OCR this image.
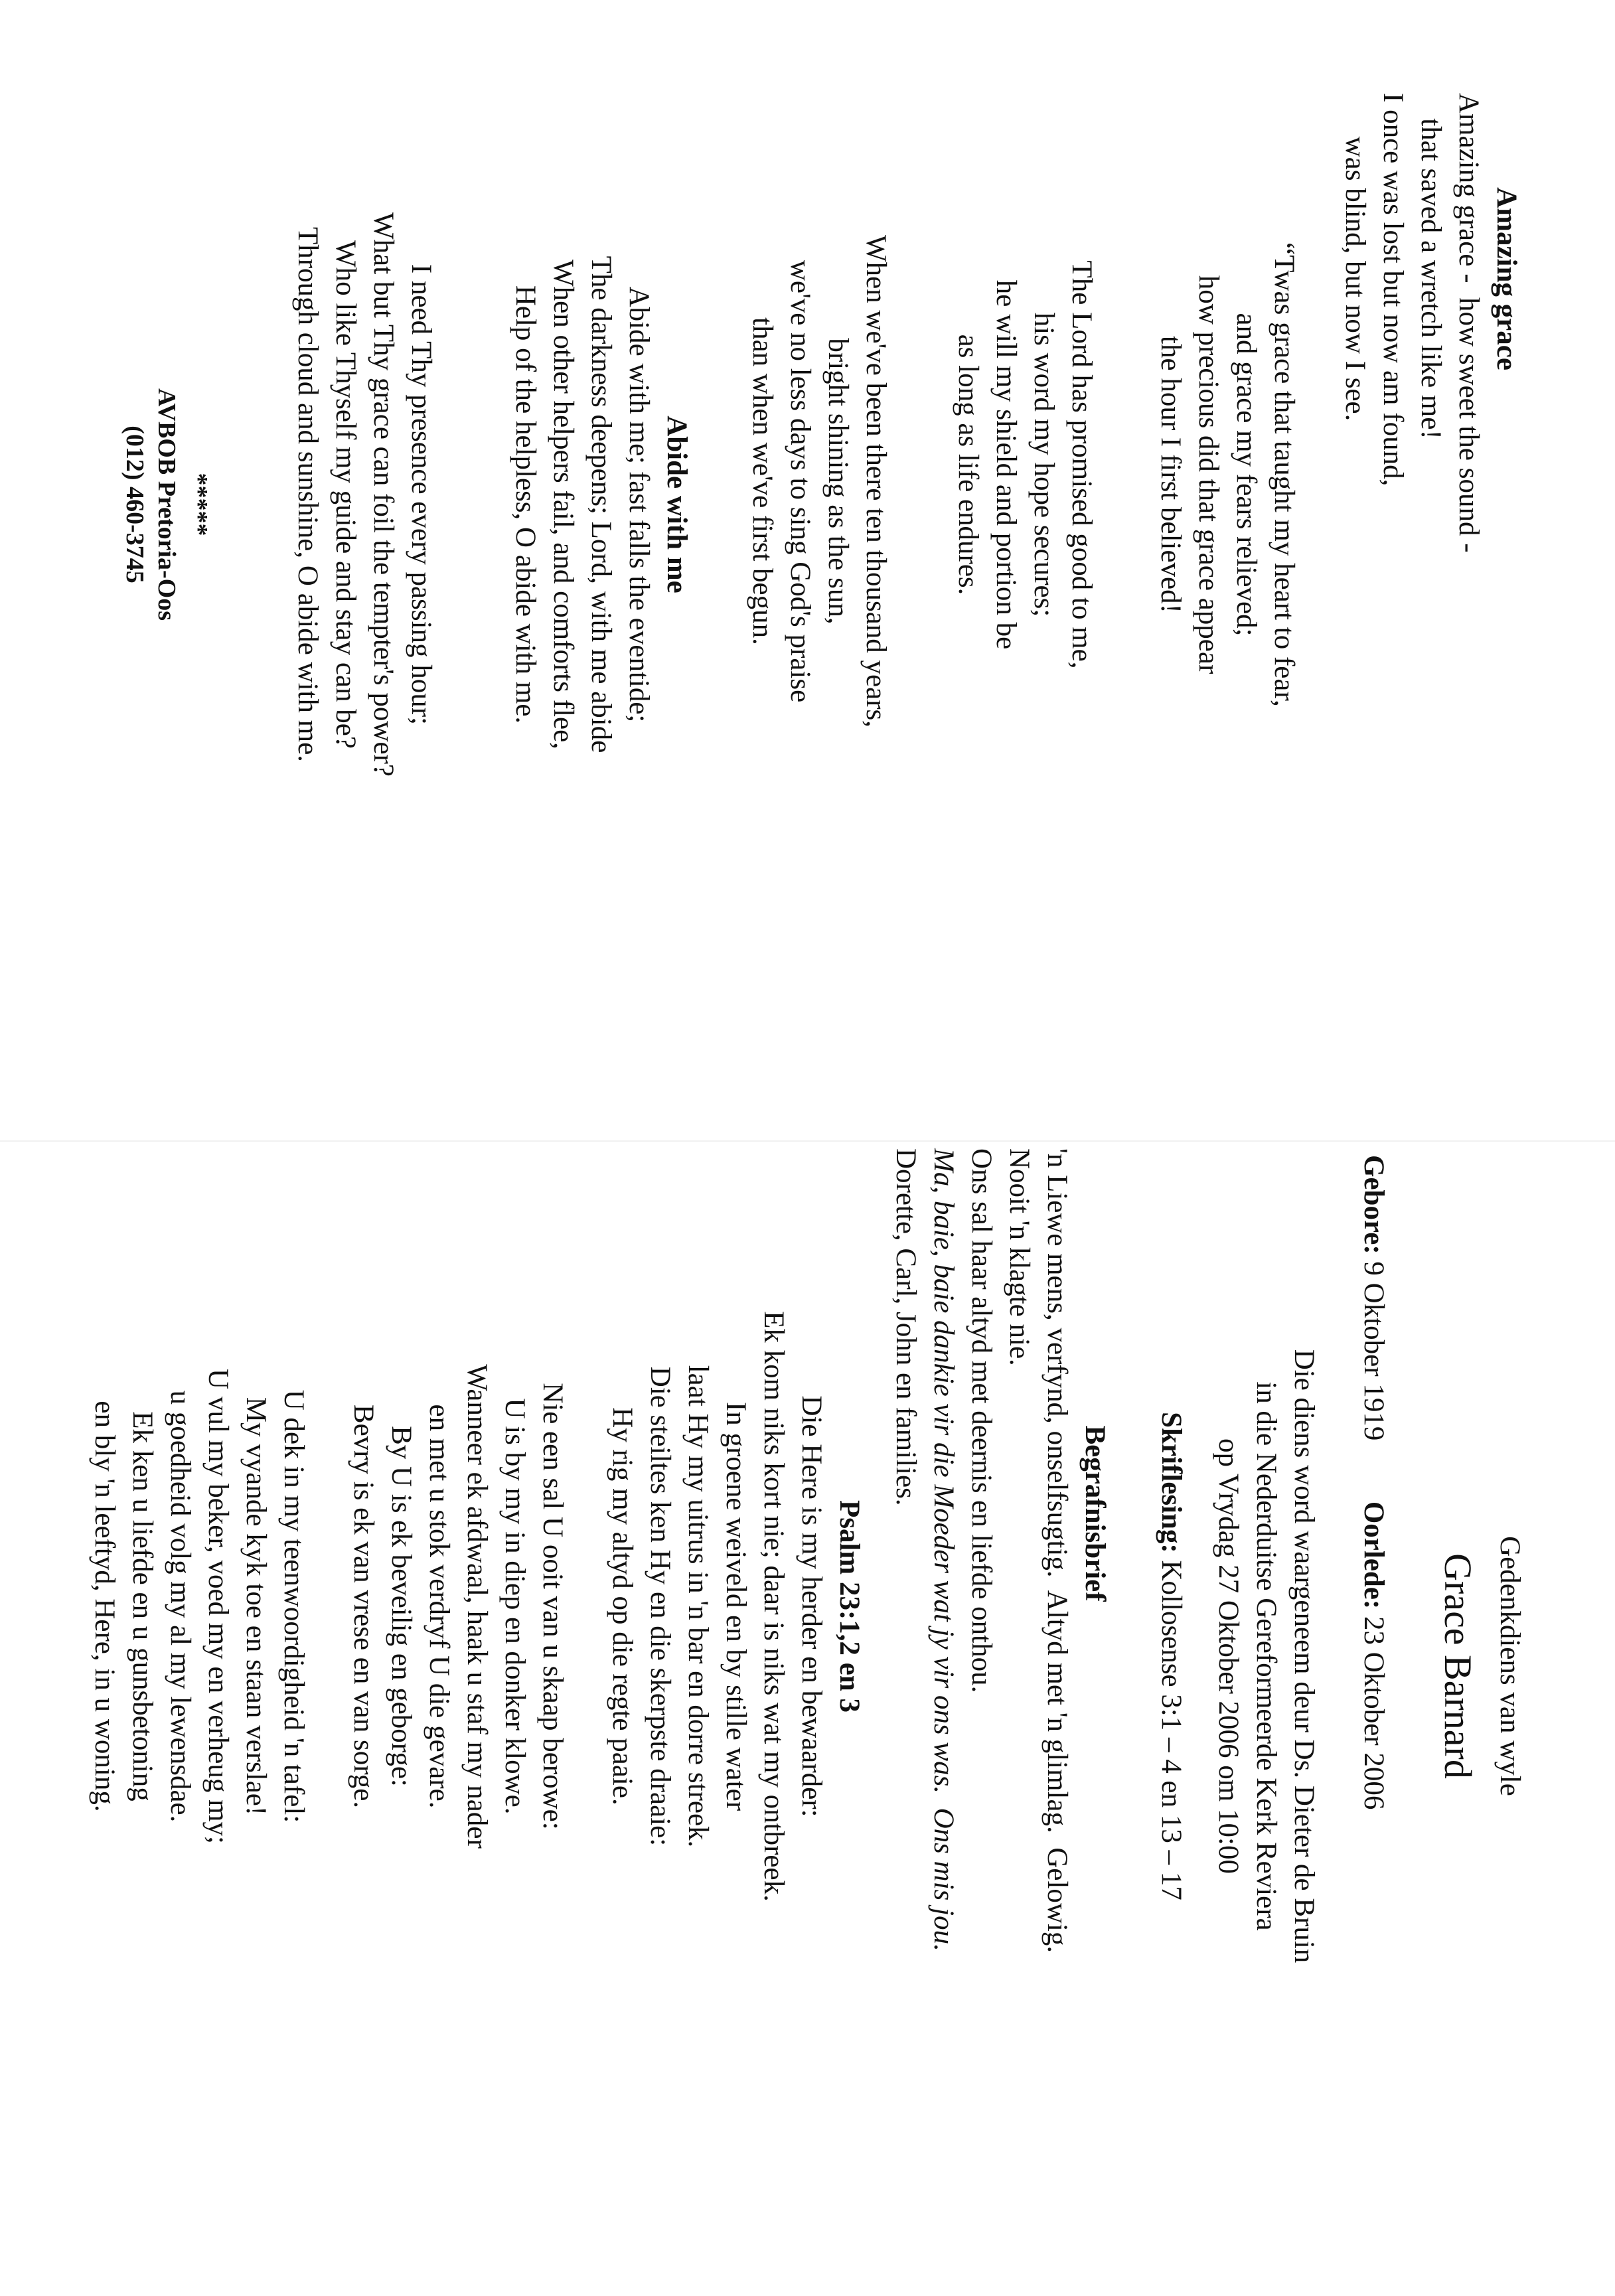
Amazing grace
Amazing grace -  how sweet the sound -
that saved a wretch like me!
I once was lost but now am found,
was blind, but now I see.
“Twas grace that taught my heart to fear,
and grace my fears relieved;
how precious did that grace appear
the hour I first believed!
The Lord has promised good to me,
his word my hope secures;
he will my shield and portion be
as long as life endures.
When we've been there ten thousand years,
bright shining as the sun,
we've no less days to sing God's praise
than when we've first begun.
Abide with me
Abide with me; fast falls the eventide;
The darkness deepens; Lord, with me abide
When other helpers fail, and comforts flee,
Help of the helpless, O abide with me.
I need Thy presence every passing hour;
What but Thy grace can foil the tempter's power?
Who like Thyself my guide and stay can be?
Through cloud and sunshine, O abide with me.
*****
AVBOB Pretoria-Oos
(012) 460-3745
Gedenkdiens van wyle
Grace Barnard
Gebore: 9 Oktober 1919  Oorlede: 23 Oktober 2006
Die diens word waargeneem deur Ds. Dieter de Bruin
in die Nederduitse Gereformeerde Kerk Reviera
op Vrydag 27 Oktober 2006 om 10:00
Skriflesing: Kollosense 3:1 – 4 en 13 – 17
Begrafnisbrief
'n Liewe mens, verfynd, onselfsugtig.  Altyd met 'n glimlag.  Gelowig.
Nooit 'n klagte nie.
Ons sal haar altyd met deernis en liefde onthou.
Ma, baie, baie dankie vir die Moeder wat jy vir ons was.  Ons mis jou.
Dorette, Carl, John en families.
Psalm 23:1,2 en 3
Die Here is my herder en bewaarder:
Ek kom niks kort nie; daar is niks wat my ontbreek.
In groene weiveld en by stille water
laat Hy my uitrus in 'n bar en dorre streek.
Die steiltes ken Hy en die skerpste draaie:
Hy rig my altyd op die regte paaie.
Nie een sal U ooit van u skaap berowe:
U is by my in diep en donker klowe.
Wanneer ek afdwaal, haak u staf my nader
en met u stok verdryf U die gevare.
By U is ek beveilig en geborge:
Bevry is ek van vrese en van sorge.
U dek in my teenwoordigheid 'n tafel:
My vyande kyk toe en staan verslae!
U vul my beker, voed my en verheug my;
u goedheid volg my al my lewensdae.
Ek ken u liefde en u gunsbetoning
en bly 'n leeftyd, Here, in u woning.
